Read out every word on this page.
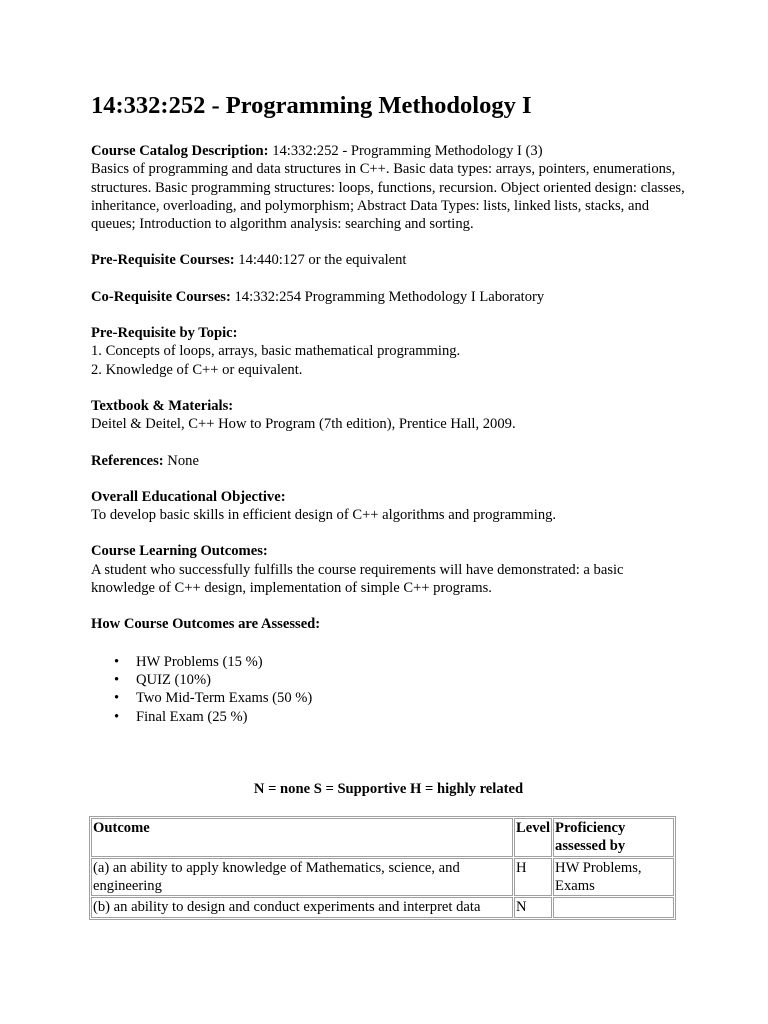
14:332:252 - Programming Methodology I

Course Catalog Description: 14:332:252 - Programming Methodology I (3)
Basics of programming and data structures in C++. Basic data types: arrays, pointers, enumerations, structures. Basic programming structures: loops, functions, recursion. Object oriented design: classes, inheritance, overloading, and polymorphism; Abstract Data Types: lists, linked lists, stacks, and queues; Introduction to algorithm analysis: searching and sorting.

Pre-Requisite Courses: 14:440:127 or the equivalent

Co-Requisite Courses: 14:332:254 Programming Methodology I Laboratory

Pre-Requisite by Topic:
1. Concepts of loops, arrays, basic mathematical programming.
2. Knowledge of C++ or equivalent.

Textbook & Materials:
Deitel & Deitel, C++ How to Program (7th edition), Prentice Hall, 2009.

References: None

Overall Educational Objective:
To develop basic skills in efficient design of C++ algorithms and programming.

Course Learning Outcomes:
A student who successfully fulfills the course requirements will have demonstrated: a basic knowledge of C++ design, implementation of simple C++ programs.

How Course Outcomes are Assessed:

• HW Problems (15 %)
• QUIZ (10%)
• Two Mid-Term Exams (50 %)
• Final Exam (25 %)

N = none S = Supportive H = highly related

Outcome	Level	Proficiency assessed by
(a) an ability to apply knowledge of Mathematics, science, and engineering	H	HW Problems, Exams
(b) an ability to design and conduct experiments and interpret data	N	
